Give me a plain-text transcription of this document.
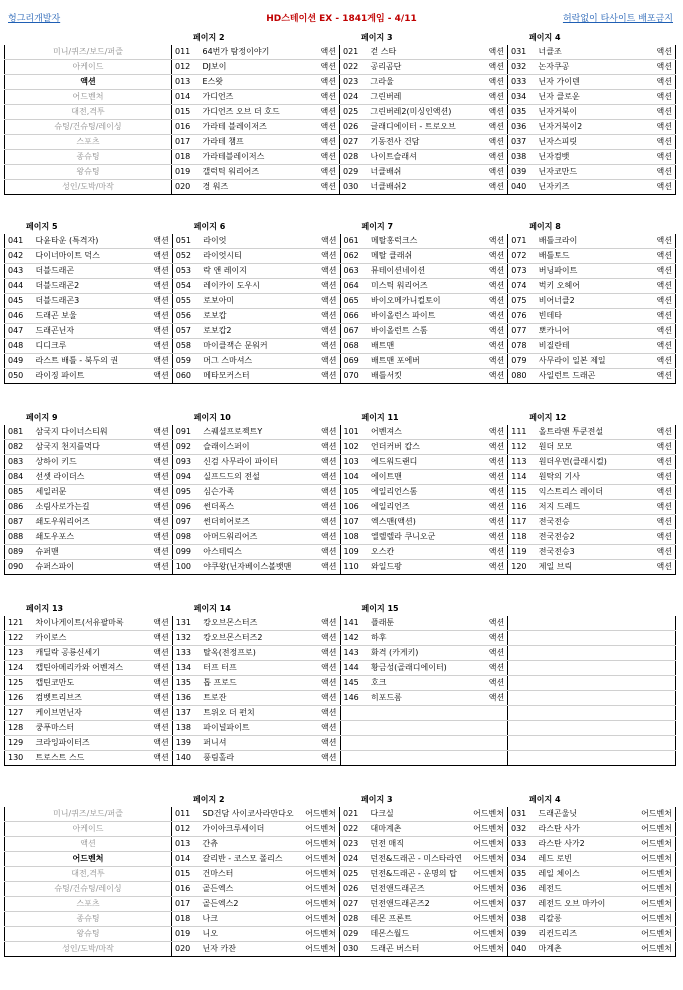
HD스테이션 EX - 1841게임 - 4/11
헝그리개발자	허락없이 타사이트 배포금지
페이지 2	페이지 3	페이지 4
미니/퀴즈/보드/퍼즐	011	64번가 탐정이야기	액션	021	걷 스타	액션	031	너클조	액션
아케이드	012	DJ보이	액션	022	공리곰단	액션	032	논자쿠공	액션
액션	013	E스왓	액션	023	그라울	액션	033	닌자 가이덴	액션
어드벤처	014	가디언즈	액션	024	그린버레	액션	034	닌자 클로운	액션
대전,격투	015	가디언즈 오브 더 호드	액션	025	그린버레2(미싱인액션)	액션	035	닌자거북이	액션
슈팅/건슈팅/레이싱	016	가라테 블레이저즈	액션	026	글래디에이터 - 트로오브	액션	036	닌자거북이2	액션
스포츠	017	가라테 챔프	액션	027	기동전사 건담	액션	037	닌자스피릿	액션
종슈팅	018	가라테블레이저스	액션	028	나이트슬래셔	액션	038	닌자컴뱃	액션
왕슈팅	019	갤럭틱 워리어즈	액션	029	너클배쉬	액션	039	닌자코만드	액션
성인/도박/마작	020	경 워즈	액션	030	너클배쉬2	액션	040	닌자키즈	액션
페이지 5	페이지 6	페이지 7	페이지 8
041	다윤타운 (특격자)	액션	051	라이엇	액션	061	메탈홍럭크스	액션	071	배틀크라이	액션
042	다이너마이트 덕스	액션	052	라이엇시티	액션	062	메탈 클래쉬	액션	072	배틀토드	액션
043	더블드래곤	액션	053	락 앤 레이지	액션	063	뮤테이션네이션	액션	073	버닝파이트	액션
044	더블드래곤2	액션	054	레이카이 도우시	액션	064	미스틱 워리어즈	액션	074	벅키 오헤어	액션
045	더블드래곤3	액션	055	로보아미	액션	065	바이오메카니컬토이	액션	075	비어너클2	액션
046	드래곤 보울	액션	056	로보캅	액션	066	바이올런스 파이트	액션	076	빈데타	액션
047	드래곤닌자	액션	057	로보캅2	액션	067	바이올런트 스톰	액션	077	뽀카니어	액션
048	디디크루	액션	058	마이클잭슨 문워커	액션	068	배트맨	액션	078	비질란테	액션
049	라스트 배틀 - 북두의 권	액션	059	머그 스마셔스	액션	069	배트맨 포에버	액션	079	사무라이 일본 제일	액션
050	라이징 파이트	액션	060	메타모커스터	액션	070	배틀서킷	액션	080	사일런트 드래곤	액션
페이지 9	페이지 10	페이지 11	페이지 12
081	삼국지 다이너스티워	액션	091	스퀘셜프로젝트Y	액션	101	어벤져스	액션	111	올트라맨 투쿤전설	액션
082	삼국지 천지를먹다	액션	092	슬래이스퍼이	액션	102	언더커버 캅스	액션	112	원더 모모	액션
083	상하이 키드	액션	093	신검 사무라이 파이터	액션	103	에드워드랜디	액션	113	원더우먼(클래시컬)	액션
084	선셋 라이더스	액션	094	실프드드의 전설	액션	104	에이트맨	액션	114	원탁의 기사	액션
085	세일러문	액션	095	심슨가족	액션	105	에일리언스톰	액션	115	익스트리스 레이더	액션
086	소림사로가는길	액션	096	썬더폭스	액션	106	에일리언즈	액션	116	저지 드레드	액션
087	쇄도우워리어즈	액션	097	썬더히어로즈	액션	107	엑스맨(액션)	액션	117	전국전승	액션
088	쇄도우포스	액션	098	아머드워리어즈	액션	108	엘렐렐라 쿠니오군	액션	118	전국전승2	액션
089	슈퍼맨	액션	099	아스테릭스	액션	109	오스칸	액션	119	전국전승3	액션
090	슈퍼스파이	액션	100	야쿠왕(닌자베이스볼뱃맨	액션	110	와일드팡	액션	120	제일 브릭	액션
페이지 13	페이지 14	페이지 15
121	차이나게이트(서유팔마록	액션	131	캉오브몬스터즈	액션	141	플래툰	액션			
122	카이로스	액션	132	캉오브몬스터즈2	액션	142	하후	액션			
123	캐딜락 공룡신세기	액션	133	탈옥(전정프로)	액션	143	화격 (카게키)	액션			
124	캡틴아메리카와 어벤져스	액션	134	터프 터프	액션	144	황금성(골래디에이터)	액션			
125	캡틴코만도	액션	135	톱 프로드	액션	145	호크	액션			
126	컴벳트리브즈	액션	136	트로잔	액션	146	히포드롬	액션			
127	케이브먼닌자	액션	137	트위오 더 펀치	액션						
128	쿵푸마스터	액션	138	파이널파이트	액션						
129	크라잉파이터즈	액션	139	퍼니셔	액션						
130	트로스트 스드	액션	140	풍림홀라	액션						
페이지 2	페이지 3	페이지 4
미니/퀴즈/보드/퍼즐	011	SD건담 사이코사라만다오	어드벤처	021	다크실	어드벤처	031	드래곤울닛	어드벤처
아케이드	012	가이아크루세이더	어드벤처	022	대마계촌	어드벤처	032	라스탄 사가	어드벤처
액션	013	간츄	어드벤처	023	던전 매직	어드벤처	033	라스탄 사가2	어드벤처
어드벤처	014	갈리반 - 코스모 폴리스	어드벤처	024	던전&드래곤 - 미스타라연	어드벤처	034	레드 로빈	어드벤처
대전,격투	015	건마스터	어드벤처	025	던전&드래곤 - 운명의 탑	어드벤처	035	레일 체이스	어드벤처
슈팅/건슈팅/레이싱	016	골든엑스	어드벤처	026	던전앤드래곤즈	어드벤처	036	레전드	어드벤처
스포츠	017	골든엑스2	어드벤처	027	던전앤드래곤즈2	어드벤처	037	레전드 오브 마카이	어드벤처
종슈팅	018	나크	어드벤처	028	데몬 프론트	어드벤처	038	리칼롱	어드벤처
왕슈팅	019	니오	어드벤처	029	데몬스월드	어드벤처	039	리컨드리즈	어드벤처
성인/도박/마작	020	닌자 카잔	어드벤처	030	드래곤 버스터	어드벤처	040	마계촌	어드벤처
